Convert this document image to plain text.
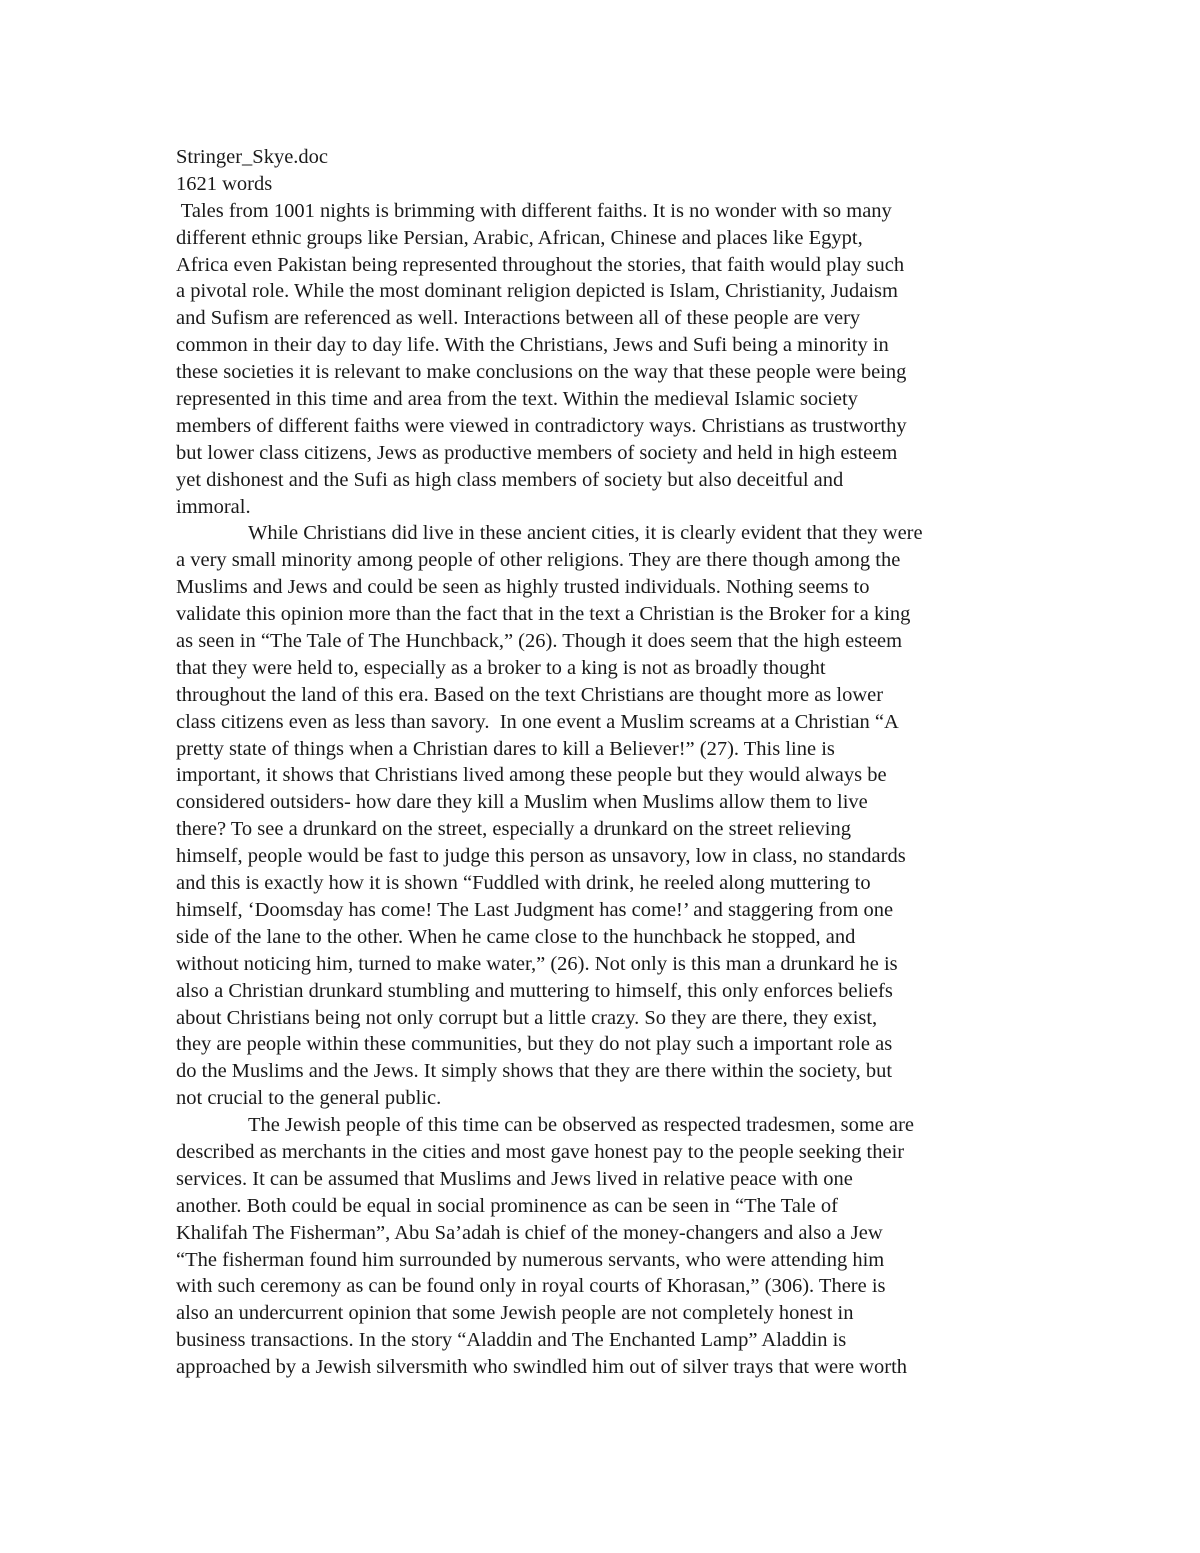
Stringer_Skye.doc
1621 words
Tales from 1001 nights is brimming with different faiths. It is no wonder with so many
different ethnic groups like Persian, Arabic, African, Chinese and places like Egypt,
Africa even Pakistan being represented throughout the stories, that faith would play such
a pivotal role. While the most dominant religion depicted is Islam, Christianity, Judaism
and Sufism are referenced as well. Interactions between all of these people are very
common in their day to day life. With the Christians, Jews and Sufi being a minority in
these societies it is relevant to make conclusions on the way that these people were being
represented in this time and area from the text. Within the medieval Islamic society
members of different faiths were viewed in contradictory ways. Christians as trustworthy
but lower class citizens, Jews as productive members of society and held in high esteem
yet dishonest and the Sufi as high class members of society but also deceitful and
immoral.
While Christians did live in these ancient cities, it is clearly evident that they were
a very small minority among people of other religions. They are there though among the
Muslims and Jews and could be seen as highly trusted individuals. Nothing seems to
validate this opinion more than the fact that in the text a Christian is the Broker for a king
as seen in “The Tale of The Hunchback,” (26). Though it does seem that the high esteem
that they were held to, especially as a broker to a king is not as broadly thought
throughout the land of this era. Based on the text Christians are thought more as lower
class citizens even as less than savory.  In one event a Muslim screams at a Christian “A
pretty state of things when a Christian dares to kill a Believer!” (27). This line is
important, it shows that Christians lived among these people but they would always be
considered outsiders- how dare they kill a Muslim when Muslims allow them to live
there? To see a drunkard on the street, especially a drunkard on the street relieving
himself, people would be fast to judge this person as unsavory, low in class, no standards
and this is exactly how it is shown “Fuddled with drink, he reeled along muttering to
himself, ‘Doomsday has come! The Last Judgment has come!’ and staggering from one
side of the lane to the other. When he came close to the hunchback he stopped, and
without noticing him, turned to make water,” (26). Not only is this man a drunkard he is
also a Christian drunkard stumbling and muttering to himself, this only enforces beliefs
about Christians being not only corrupt but a little crazy. So they are there, they exist,
they are people within these communities, but they do not play such a important role as
do the Muslims and the Jews. It simply shows that they are there within the society, but
not crucial to the general public.
The Jewish people of this time can be observed as respected tradesmen, some are
described as merchants in the cities and most gave honest pay to the people seeking their
services. It can be assumed that Muslims and Jews lived in relative peace with one
another. Both could be equal in social prominence as can be seen in “The Tale of
Khalifah The Fisherman”, Abu Sa’adah is chief of the money-changers and also a Jew
“The fisherman found him surrounded by numerous servants, who were attending him
with such ceremony as can be found only in royal courts of Khorasan,” (306). There is
also an undercurrent opinion that some Jewish people are not completely honest in
business transactions. In the story “Aladdin and The Enchanted Lamp” Aladdin is
approached by a Jewish silversmith who swindled him out of silver trays that were worth
